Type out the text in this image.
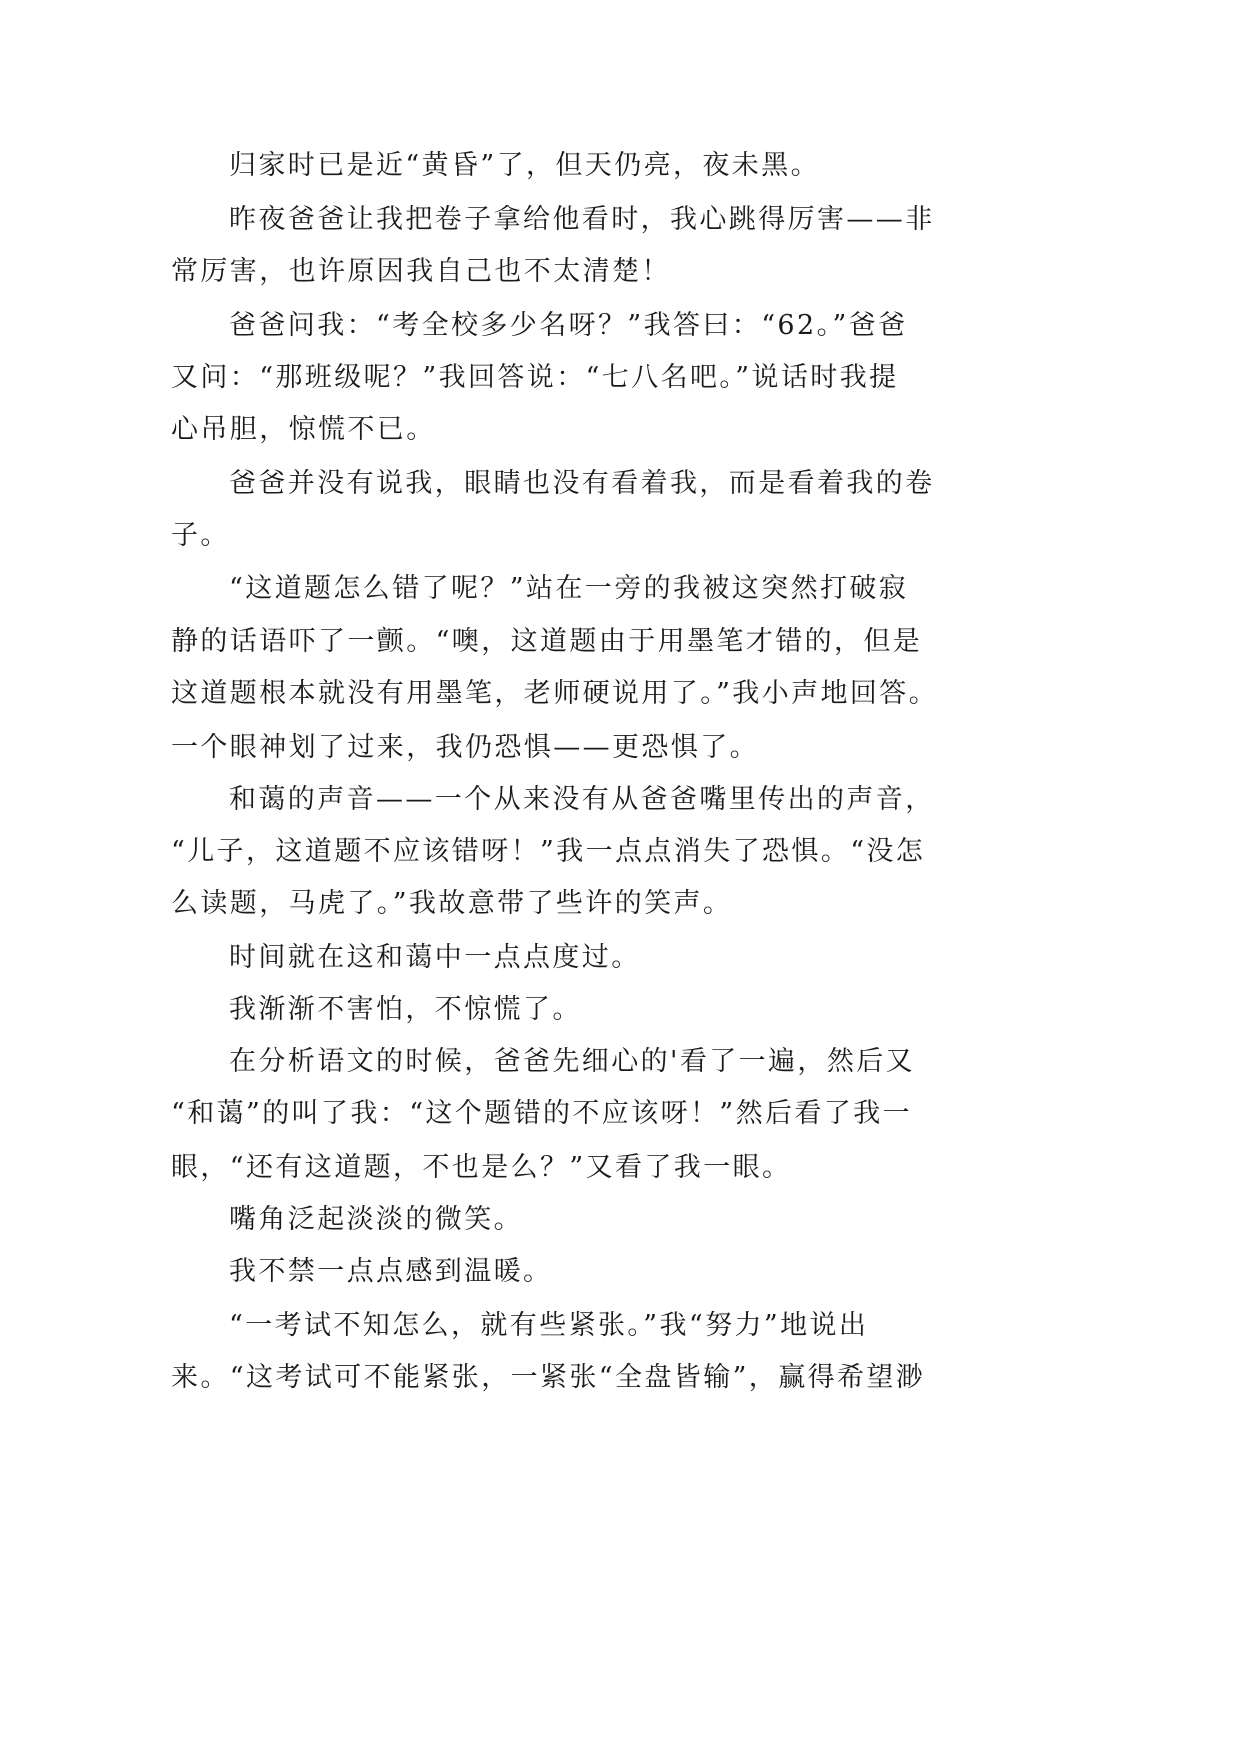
归家时已是近“黄昏”了，但天仍亮，夜未黑。
昨夜爸爸让我把卷子拿给他看时，我心跳得厉害——非
常厉害，也许原因我自己也不太清楚！
爸爸问我：“考全校多少名呀？”我答曰：“62。”爸爸
又问：“那班级呢？”我回答说：“七八名吧。”说话时我提
心吊胆，惊慌不已。
爸爸并没有说我，眼睛也没有看着我，而是看着我的卷
子。
“这道题怎么错了呢？”站在一旁的我被这突然打破寂
静的话语吓了一颤。“噢，这道题由于用墨笔才错的，但是
这道题根本就没有用墨笔，老师硬说用了。”我小声地回答。
一个眼神划了过来，我仍恐惧——更恐惧了。
和蔼的声音——一个从来没有从爸爸嘴里传出的声音，
“儿子，这道题不应该错呀！”我一点点消失了恐惧。“没怎
么读题，马虎了。”我故意带了些许的笑声。
时间就在这和蔼中一点点度过。
我渐渐不害怕，不惊慌了。
在分析语文的时候，爸爸先细心的'看了一遍，然后又
“和蔼”的叫了我：“这个题错的不应该呀！”然后看了我一
眼，“还有这道题，不也是么？”又看了我一眼。
嘴角泛起淡淡的微笑。
我不禁一点点感到温暖。
“一考试不知怎么，就有些紧张。”我“努力”地说出
来。“这考试可不能紧张，一紧张“全盘皆输”，赢得希望渺
